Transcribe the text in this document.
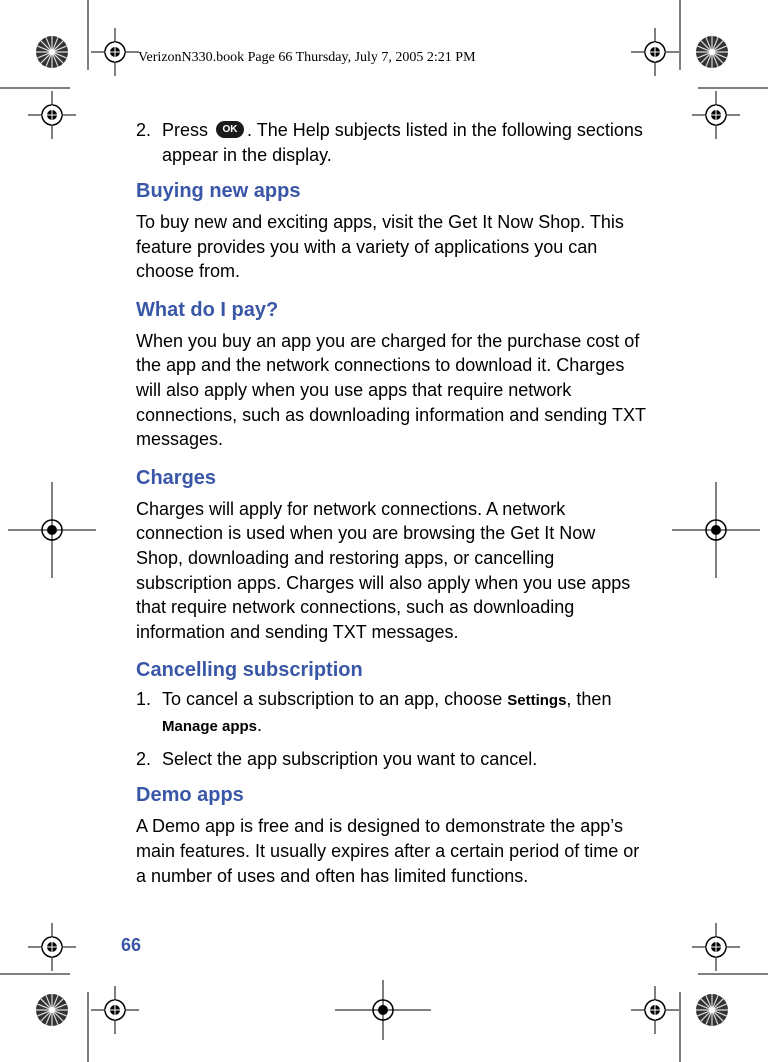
VerizonN330.book Page 66 Thursday, July 7, 2005 2:21 PM
2. Press OK . The Help subjects listed in the following sections appear in the display.
Buying new apps

To buy new and exciting apps, visit the Get It Now Shop. This feature provides you with a variety of applications you can choose from.

What do I pay?

When you buy an app you are charged for the purchase cost of the app and the network connections to download it. Charges will also apply when you use apps that require network connections, such as downloading information and sending TXT messages.

Charges

Charges will apply for network connections. A network connection is used when you are browsing the Get It Now Shop, downloading and restoring apps, or cancelling subscription apps. Charges will also apply when you use apps that require network connections, such as downloading information and sending TXT messages.

Cancelling subscription
1. To cancel a subscription to an app, choose Settings, then Manage apps.
2. Select the app subscription you want to cancel.
Demo apps

A Demo app is free and is designed to demonstrate the app’s main features. It usually expires after a certain period of time or a number of uses and often has limited functions.

66
